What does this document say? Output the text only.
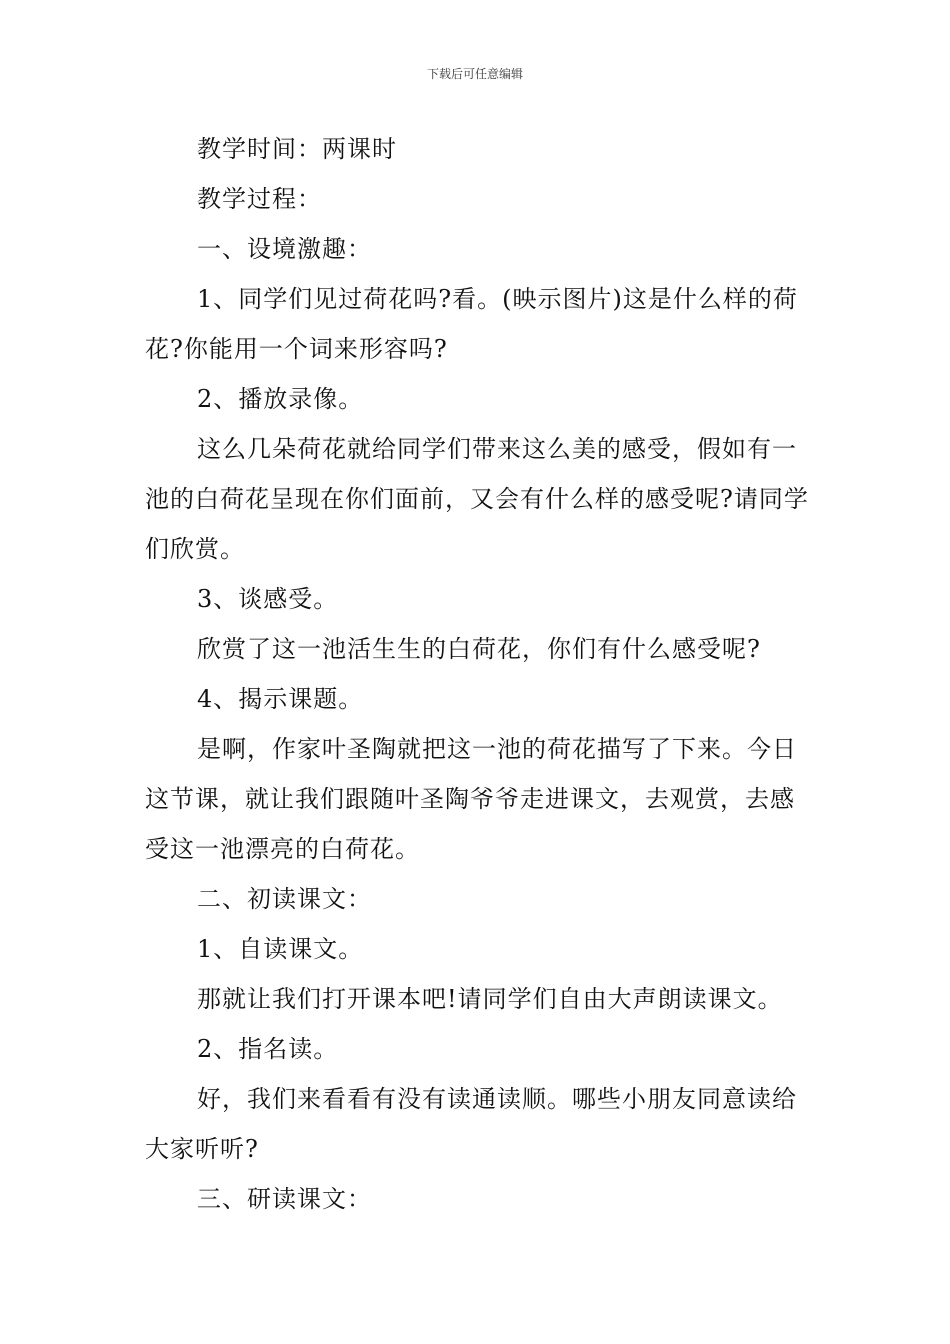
下载后可任意编辑

教学时间：两课时

教学过程：

一、设境激趣：

1、同学们见过荷花吗?看。(映示图片)这是什么样的荷花?你能用一个词来形容吗?

2、播放录像。

这么几朵荷花就给同学们带来这么美的感受，假如有一池的白荷花呈现在你们面前，又会有什么样的感受呢?请同学们欣赏。

3、谈感受。

欣赏了这一池活生生的白荷花，你们有什么感受呢?

4、揭示课题。

是啊，作家叶圣陶就把这一池的荷花描写了下来。今日这节课，就让我们跟随叶圣陶爷爷走进课文，去观赏，去感受这一池漂亮的白荷花。

二、初读课文：

1、自读课文。

那就让我们打开课本吧!请同学们自由大声朗读课文。

2、指名读。

好，我们来看看有没有读通读顺。哪些小朋友同意读给大家听听?

三、研读课文：
